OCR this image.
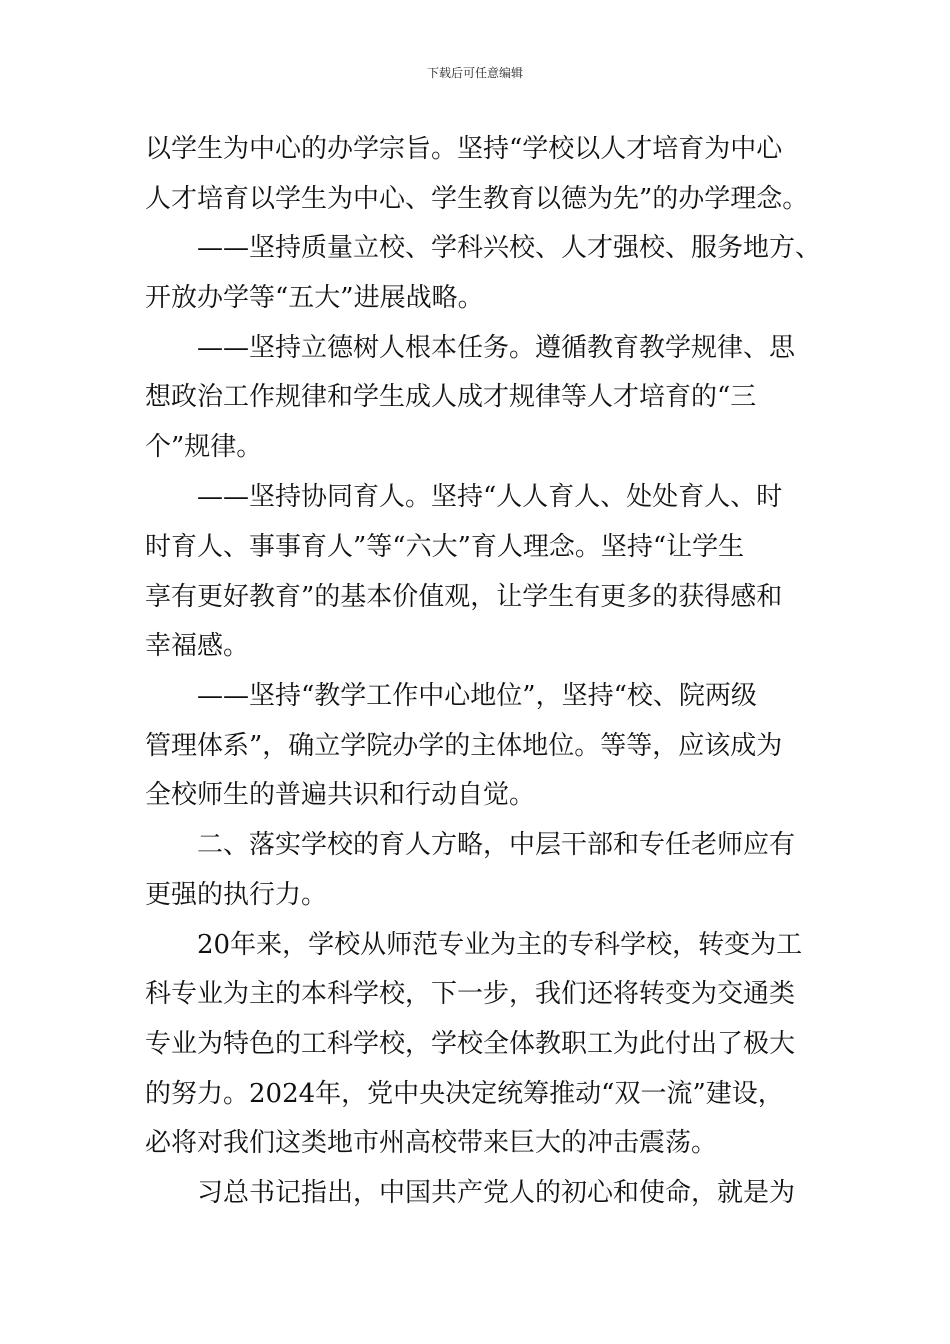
下载后可任意编辑
以学生为中心的办学宗旨。坚持“学校以人才培育为中心
人才培育以学生为中心、学生教育以德为先”的办学理念。
——坚持质量立校、学科兴校、人才强校、服务地方、
开放办学等“五大”进展战略。
——坚持立德树人根本任务。遵循教育教学规律、思
想政治工作规律和学生成人成才规律等人才培育的“三
个”规律。
——坚持协同育人。坚持“人人育人、处处育人、时
时育人、事事育人”等“六大”育人理念。坚持“让学生
享有更好教育”的基本价值观，让学生有更多的获得感和
幸福感。
——坚持“教学工作中心地位”，坚持“校、院两级
管理体系”，确立学院办学的主体地位。等等，应该成为
全校师生的普遍共识和行动自觉。
二、落实学校的育人方略，中层干部和专任老师应有
更强的执行力。
20年来，学校从师范专业为主的专科学校，转变为工
科专业为主的本科学校，下一步，我们还将转变为交通类
专业为特色的工科学校，学校全体教职工为此付出了极大
的努力。2024年，党中央决定统筹推动“双一流”建设，
必将对我们这类地市州高校带来巨大的冲击震荡。
习总书记指出，中国共产党人的初心和使命，就是为
